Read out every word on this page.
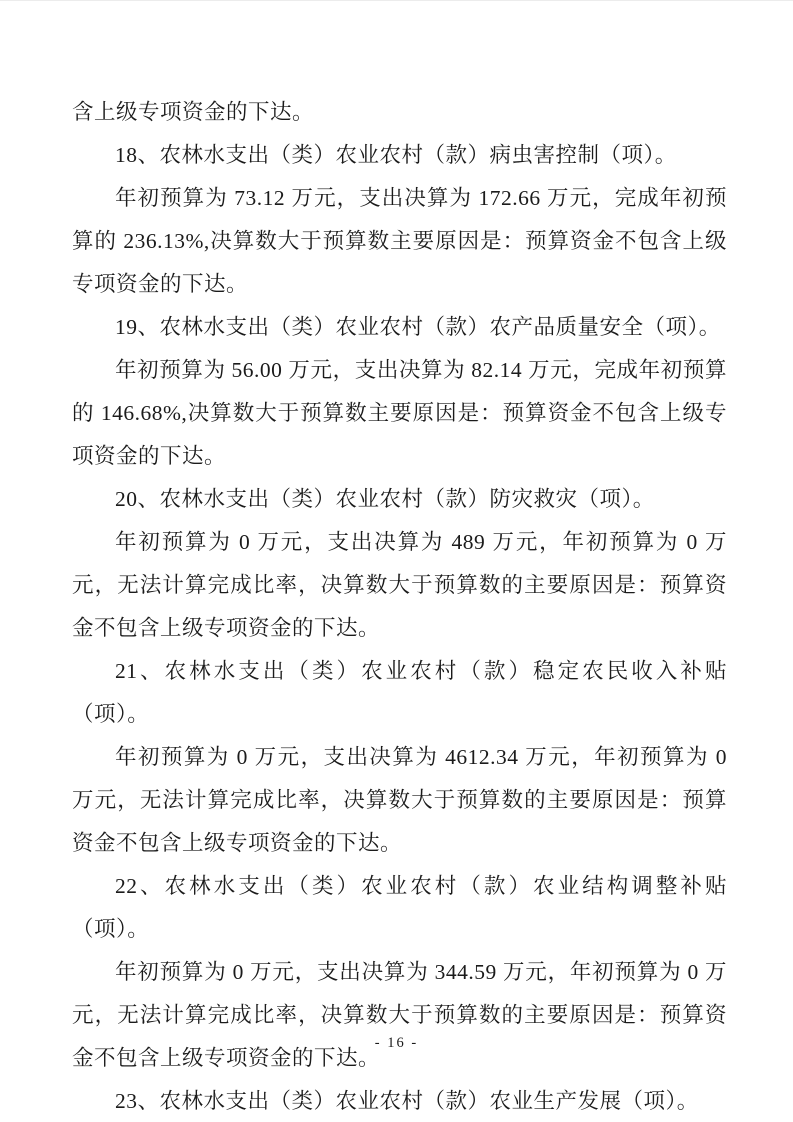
含上级专项资金的下达。

18、农林水支出（类）农业农村（款）病虫害控制（项）。

年初预算为 73.12 万元，支出决算为 172.66 万元，完成年初预算的 236.13%,决算数大于预算数主要原因是：预算资金不包含上级专项资金的下达。

19、农林水支出（类）农业农村（款）农产品质量安全（项）。

年初预算为 56.00 万元，支出决算为 82.14 万元，完成年初预算的 146.68%,决算数大于预算数主要原因是：预算资金不包含上级专项资金的下达。

20、农林水支出（类）农业农村（款）防灾救灾（项）。

年初预算为 0 万元，支出决算为 489 万元，年初预算为 0 万元，无法计算完成比率，决算数大于预算数的主要原因是：预算资金不包含上级专项资金的下达。

21、农林水支出（类）农业农村（款）稳定农民收入补贴（项）。

年初预算为 0 万元，支出决算为 4612.34 万元，年初预算为 0 万元，无法计算完成比率，决算数大于预算数的主要原因是：预算资金不包含上级专项资金的下达。

22、农林水支出（类）农业农村（款）农业结构调整补贴（项）。

年初预算为 0 万元，支出决算为 344.59 万元，年初预算为 0 万元，无法计算完成比率，决算数大于预算数的主要原因是：预算资金不包含上级专项资金的下达。

23、农林水支出（类）农业农村（款）农业生产发展（项）。

- 16 -
